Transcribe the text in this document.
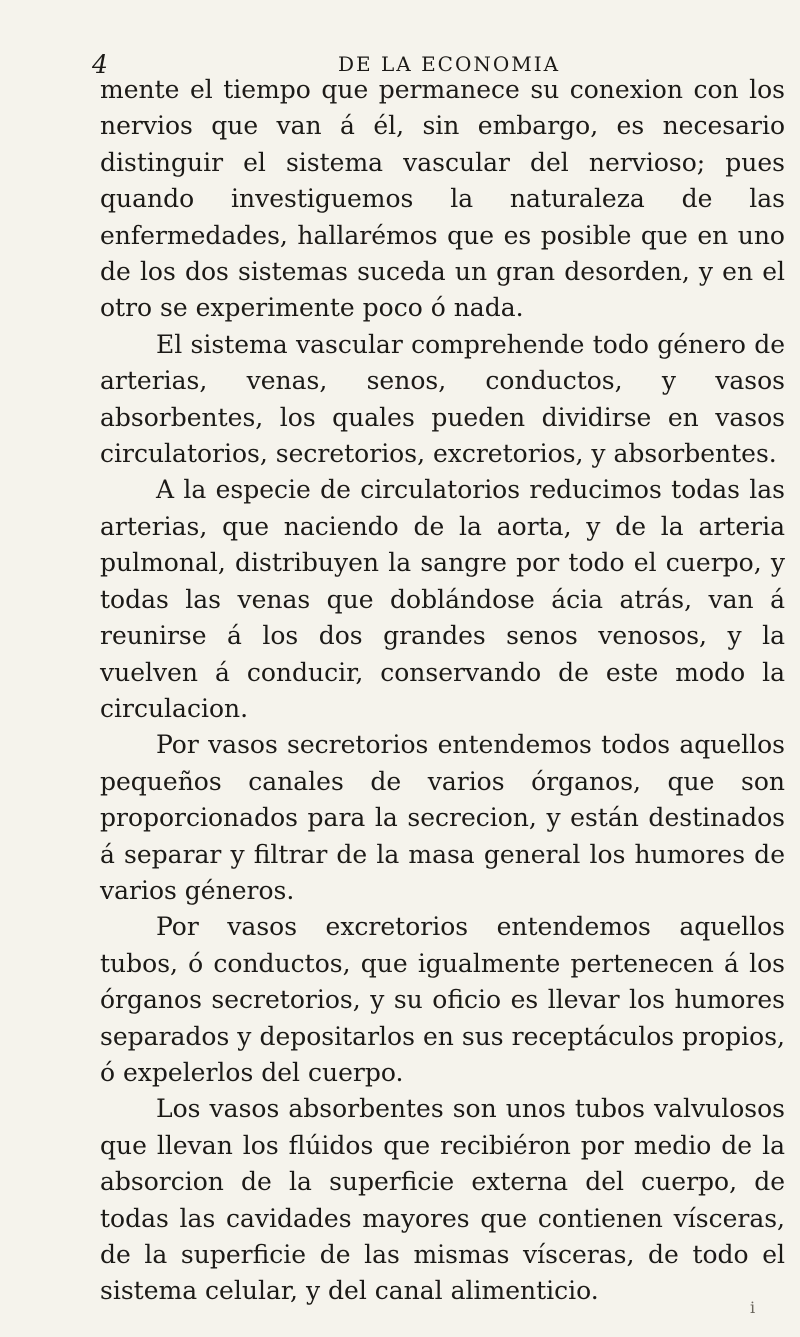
4	DE LA ECONOMIA

mente el tiempo que permanece su conexion con los nervios que van á él, sin embargo, es necesario distinguir el sistema vascular del nervioso; pues quando investiguemos la naturaleza de las enfermedades, hallarémos que es posible que en uno de los dos sistemas suceda un gran desorden, y en el otro se experimente poco ó nada.

El sistema vascular comprehende todo género de arterias, venas, senos, conductos, y vasos absorbentes, los quales pueden dividirse en vasos circulatorios, secretorios, excretorios, y absorbentes.

A la especie de circulatorios reducimos todas las arterias, que naciendo de la aorta, y de la arteria pulmonal, distribuyen la sangre por todo el cuerpo, y todas las venas que doblándose ácia atrás, van á reunirse á los dos grandes senos venosos, y la vuelven á conducir, conservando de este modo la circulacion.

Por vasos secretorios entendemos todos aquellos pequeños canales de varios órganos, que son proporcionados para la secrecion, y están destinados á separar y filtrar de la masa general los humores de varios géneros.

Por vasos excretorios entendemos aquellos tubos, ó conductos, que igualmente pertenecen á los órganos secretorios, y su oficio es llevar los humores separados y depositarlos en sus receptáculos propios, ó expelerlos del cuerpo.

Los vasos absorbentes son unos tubos valvulosos que llevan los flúidos que recibiéron por medio de la absorcion de la superficie externa del cuerpo, de todas las cavidades mayores que contienen vísceras, de la superficie de las mismas vísceras, de todo el sistema celular, y del canal alimenticio.

i
